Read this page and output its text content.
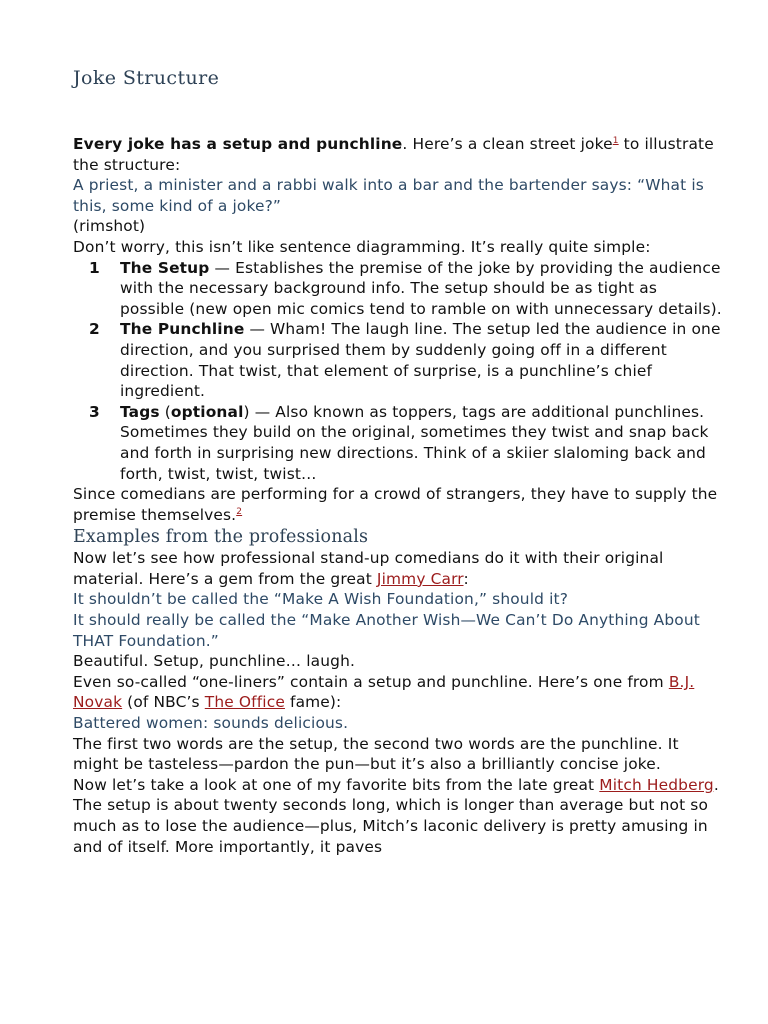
Joke Structure

Every joke has a setup and punchline. Here’s a clean street joke$^1$ to illustrate the structure:

A priest, a minister and a rabbi walk into a bar and the bartender says: “What is this, some kind of a joke?”

(rimshot)

Don’t worry, this isn’t like sentence diagramming. It’s really quite simple:

1 The Setup — Establishes the premise of the joke by providing the audience with the necessary background info. The setup should be as tight as possible (new open mic comics tend to ramble on with unnecessary details).
2 The Punchline — Wham! The laugh line. The setup led the audience in one direction, and you surprised them by suddenly going off in a different direction. That twist, that element of surprise, is a punchline’s chief ingredient.
3 Tags (optional) — Also known as toppers, tags are additional punchlines. Sometimes they build on the original, sometimes they twist and snap back and forth in surprising new directions. Think of a skiier slaloming back and forth, twist, twist, twist…

Since comedians are performing for a crowd of strangers, they have to supply the premise themselves.$^2$

Examples from the professionals

Now let’s see how professional stand-up comedians do it with their original material. Here’s a gem from the great Jimmy Carr:

It shouldn’t be called the “Make A Wish Foundation,” should it?

It should really be called the “Make Another Wish—We Can’t Do Anything About THAT Foundation.”

Beautiful. Setup, punchline… laugh.

Even so-called “one-liners” contain a setup and punchline. Here’s one from B.J. Novak (of NBC’s The Office fame):

Battered women: sounds delicious.

The first two words are the setup, the second two words are the punchline. It might be tasteless—pardon the pun—but it’s also a brilliantly concise joke.

Now let’s take a look at one of my favorite bits from the late great Mitch Hedberg.

The setup is about twenty seconds long, which is longer than average but not so much as to lose the audience—plus, Mitch’s laconic delivery is pretty amusing in and of itself. More importantly, it paves
